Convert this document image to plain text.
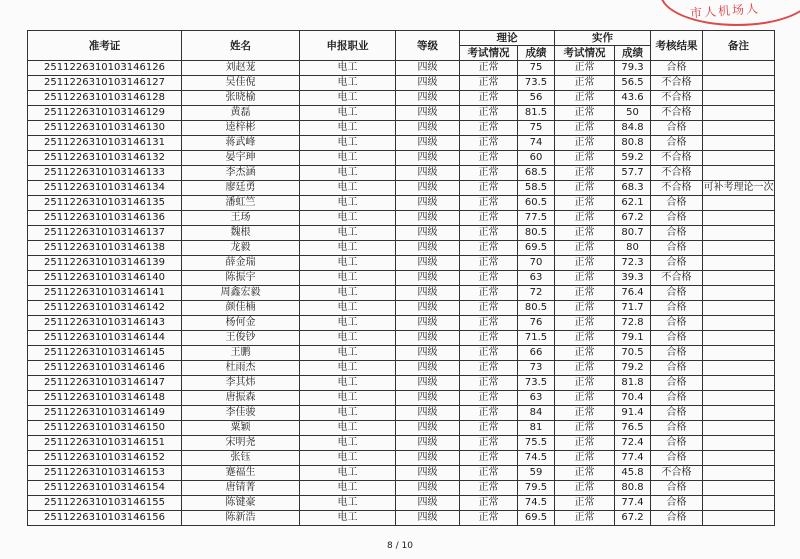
市人机场人
准考证	姓名	申报职业	等级	理论		实作		考核结果	备注
				考试情况	成绩	考试情况	成绩		
2511226310103146126	刘赵茏	电工	四级	正常	75	正常	79.3	合格	
2511226310103146127	吴佳倪	电工	四级	正常	73.5	正常	56.5	不合格	
2511226310103146128	张晓榆	电工	四级	正常	56	正常	43.6	不合格	
2511226310103146129	黄磊	电工	四级	正常	81.5	正常	50	不合格	
2511226310103146130	逵梓彬	电工	四级	正常	75	正常	84.8	合格	
2511226310103146131	蒋武峰	电工	四级	正常	74	正常	80.8	合格	
2511226310103146132	晏宇珅	电工	四级	正常	60	正常	59.2	不合格	
2511226310103146133	李杰涵	电工	四级	正常	68.5	正常	57.7	不合格	
2511226310103146134	廖廷勇	电工	四级	正常	58.5	正常	68.3	不合格	可补考理论一次
2511226310103146135	潘虹竺	电工	四级	正常	60.5	正常	62.1	合格	
2511226310103146136	王玚	电工	四级	正常	77.5	正常	67.2	合格	
2511226310103146137	魏根	电工	四级	正常	80.5	正常	80.7	合格	
2511226310103146138	龙毅	电工	四级	正常	69.5	正常	80	合格	
2511226310103146139	薛金瑞	电工	四级	正常	70	正常	72.3	合格	
2511226310103146140	陈振宇	电工	四级	正常	63	正常	39.3	不合格	
2511226310103146141	周鑫宏毅	电工	四级	正常	72	正常	76.4	合格	
2511226310103146142	颜佳楠	电工	四级	正常	80.5	正常	71.7	合格	
2511226310103146143	杨何金	电工	四级	正常	76	正常	72.8	合格	
2511226310103146144	王俊钞	电工	四级	正常	71.5	正常	79.1	合格	
2511226310103146145	王鹏	电工	四级	正常	66	正常	70.5	合格	
2511226310103146146	杜雨杰	电工	四级	正常	73	正常	79.2	合格	
2511226310103146147	李其炜	电工	四级	正常	73.5	正常	81.8	合格	
2511226310103146148	唐振森	电工	四级	正常	63	正常	70.4	合格	
2511226310103146149	李佳骏	电工	四级	正常	84	正常	91.4	合格	
2511226310103146150	粟颖	电工	四级	正常	81	正常	76.5	合格	
2511226310103146151	宋明尧	电工	四级	正常	75.5	正常	72.4	合格	
2511226310103146152	张钰	电工	四级	正常	74.5	正常	77.4	合格	
2511226310103146153	蹇福生	电工	四级	正常	59	正常	45.8	不合格	
2511226310103146154	唐锖菁	电工	四级	正常	79.5	正常	80.8	合格	
2511226310103146155	陈键豪	电工	四级	正常	74.5	正常	77.4	合格	
2511226310103146156	陈新浩	电工	四级	正常	69.5	正常	67.2	合格	
8 / 10
